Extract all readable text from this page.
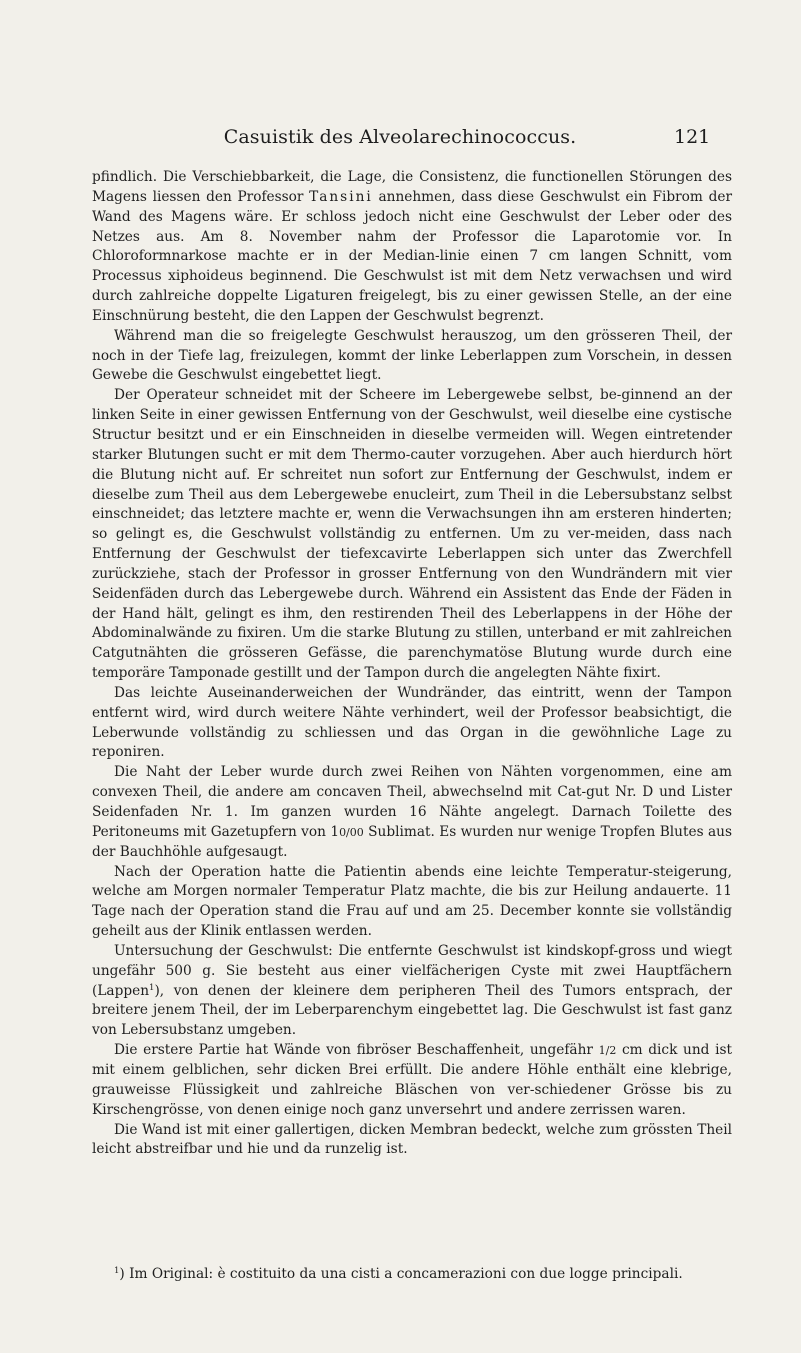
Casuistik des Alveolarechinococcus.	121

pfindlich. Die Verschiebbarkeit, die Lage, die Consistenz, die functionellen Störungen des Magens liessen den Professor Tansini annehmen, dass diese Geschwulst ein Fibrom der Wand des Magens wäre. Er schloss jedoch nicht eine Geschwulst der Leber oder des Netzes aus. Am 8. November nahm der Professor die Laparotomie vor. In Chloroformnarkose machte er in der Median-linie einen 7 cm langen Schnitt, vom Processus xiphoideus beginnend. Die Geschwulst ist mit dem Netz verwachsen und wird durch zahlreiche doppelte Ligaturen freigelegt, bis zu einer gewissen Stelle, an der eine Einschnürung besteht, die den Lappen der Geschwulst begrenzt.

Während man die so freigelegte Geschwulst herauszog, um den grösseren Theil, der noch in der Tiefe lag, freizulegen, kommt der linke Leberlappen zum Vorschein, in dessen Gewebe die Geschwulst eingebettet liegt.

Der Operateur schneidet mit der Scheere im Lebergewebe selbst, be-ginnend an der linken Seite in einer gewissen Entfernung von der Geschwulst, weil dieselbe eine cystische Structur besitzt und er ein Einschneiden in dieselbe vermeiden will. Wegen eintretender starker Blutungen sucht er mit dem Thermo-cauter vorzugehen. Aber auch hierdurch hört die Blutung nicht auf. Er schreitet nun sofort zur Entfernung der Geschwulst, indem er dieselbe zum Theil aus dem Lebergewebe enucleirt, zum Theil in die Lebersubstanz selbst einschneidet; das letztere machte er, wenn die Verwachsungen ihn am ersteren hinderten; so gelingt es, die Geschwulst vollständig zu entfernen. Um zu ver-meiden, dass nach Entfernung der Geschwulst der tiefexcavirte Leberlappen sich unter das Zwerchfell zurückziehe, stach der Professor in grosser Entfernung von den Wundrändern mit vier Seidenfäden durch das Lebergewebe durch. Während ein Assistent das Ende der Fäden in der Hand hält, gelingt es ihm, den restirenden Theil des Leberlappens in der Höhe der Abdominalwände zu fixiren. Um die starke Blutung zu stillen, unterband er mit zahlreichen Catgutnähten die grösseren Gefässe, die parenchymatöse Blutung wurde durch eine temporäre Tamponade gestillt und der Tampon durch die angelegten Nähte fixirt.

Das leichte Auseinanderweichen der Wundränder, das eintritt, wenn der Tampon entfernt wird, wird durch weitere Nähte verhindert, weil der Professor beabsichtigt, die Leberwunde vollständig zu schliessen und das Organ in die gewöhnliche Lage zu reponiren.

Die Naht der Leber wurde durch zwei Reihen von Nähten vorgenommen, eine am convexen Theil, die andere am concaven Theil, abwechselnd mit Cat-gut Nr. D und Lister Seidenfaden Nr. 1. Im ganzen wurden 16 Nähte angelegt. Darnach Toilette des Peritoneums mit Gazetupfern von 10/00 Sublimat. Es wurden nur wenige Tropfen Blutes aus der Bauchhöhle aufgesaugt.

Nach der Operation hatte die Patientin abends eine leichte Temperatur-steigerung, welche am Morgen normaler Temperatur Platz machte, die bis zur Heilung andauerte. 11 Tage nach der Operation stand die Frau auf und am 25. December konnte sie vollständig geheilt aus der Klinik entlassen werden.

Untersuchung der Geschwulst: Die entfernte Geschwulst ist kindskopf-gross und wiegt ungefähr 500 g. Sie besteht aus einer vielfächerigen Cyste mit zwei Hauptfächern (Lappen$^1$), von denen der kleinere dem peripheren Theil des Tumors entsprach, der breitere jenem Theil, der im Leberparenchym eingebettet lag. Die Geschwulst ist fast ganz von Lebersubstanz umgeben.

Die erstere Partie hat Wände von fibröser Beschaffenheit, ungefähr 1/2 cm dick und ist mit einem gelblichen, sehr dicken Brei erfüllt. Die andere Höhle enthält eine klebrige, grauweisse Flüssigkeit und zahlreiche Bläschen von ver-schiedener Grösse bis zu Kirschengrösse, von denen einige noch ganz unversehrt und andere zerrissen waren.

Die Wand ist mit einer gallertigen, dicken Membran bedeckt, welche zum grössten Theil leicht abstreifbar und hie und da runzelig ist.

$^1$) Im Original: è costituito da una cisti a concamerazioni con due logge principali.
